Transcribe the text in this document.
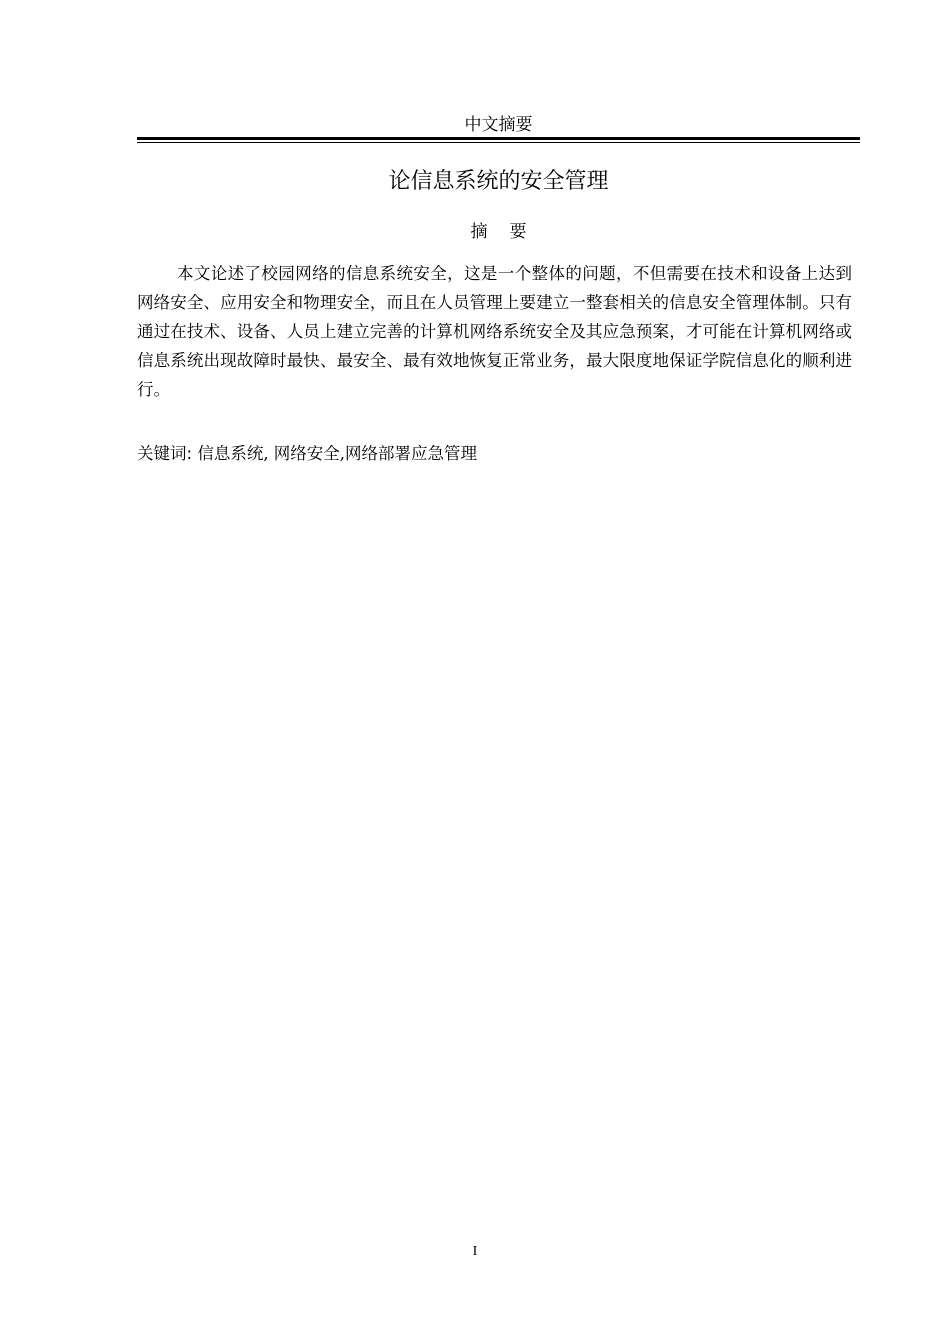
中文摘要
论信息系统的安全管理
摘要

本文论述了校园网络的信息系统安全，这是一个整体的问题，不但需要在技术和设备上达到网络安全、应用安全和物理安全，而且在人员管理上要建立一整套相关的信息安全管理体制。只有通过在技术、设备、人员上建立完善的计算机网络系统安全及其应急预案，才可能在计算机网络或信息系统出现故障时最快、最安全、最有效地恢复正常业务，最大限度地保证学院信息化的顺利进行。

关键词: 信息系统, 网络安全,网络部署应急管理
I
